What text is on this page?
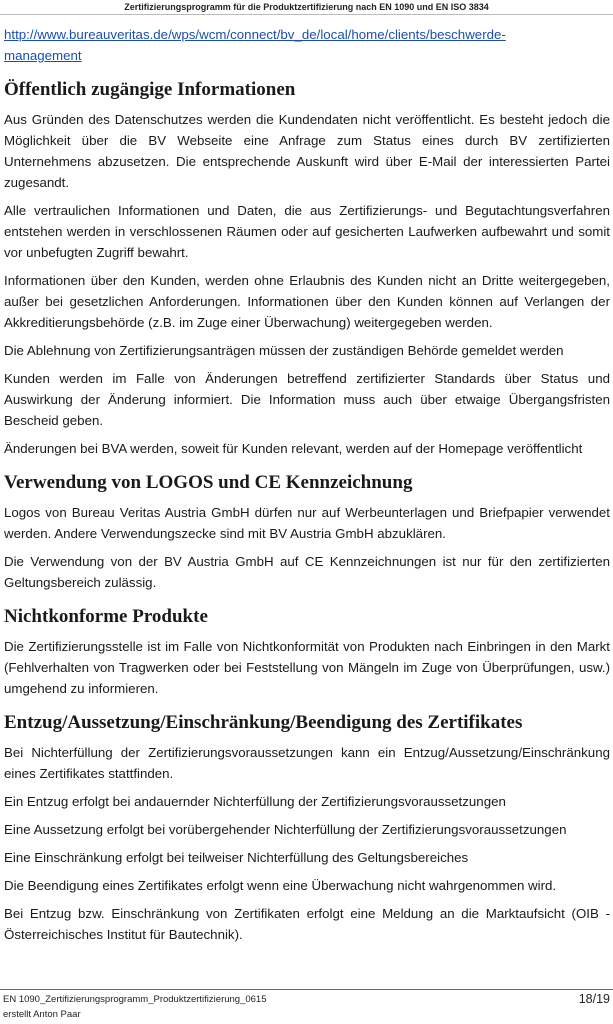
Zertifizierungsprogramm für die Produktzertifizierung nach EN 1090 und EN ISO 3834

http://www.bureauveritas.de/wps/wcm/connect/bv_de/local/home/clients/beschwerde-
management

Öffentlich zugängige Informationen

Aus Gründen des Datenschutzes werden die Kundendaten nicht veröffentlicht. Es besteht jedoch die Möglichkeit über die BV Webseite eine Anfrage zum Status eines durch BV zertifizierten Unternehmens abzusetzen. Die entsprechende Auskunft wird über E-Mail der interessierten Partei zugesandt.

Alle vertraulichen Informationen und Daten, die aus Zertifizierungs- und Begutachtungsverfahren entstehen werden in verschlossenen Räumen oder auf gesicherten Laufwerken aufbewahrt und somit vor unbefugten Zugriff bewahrt.

Informationen über den Kunden, werden ohne Erlaubnis des Kunden nicht an Dritte weitergegeben, außer bei gesetzlichen Anforderungen. Informationen über den Kunden können auf Verlangen der Akkreditierungsbehörde (z.B. im Zuge einer Überwachung) weitergegeben werden.

Die Ablehnung von Zertifizierungsanträgen müssen der zuständigen Behörde gemeldet werden

Kunden werden im Falle von Änderungen betreffend zertifizierter Standards über Status und Auswirkung der Änderung informiert. Die Information muss auch über etwaige Übergangsfristen Bescheid geben.

Änderungen bei BVA werden, soweit für Kunden relevant, werden auf der Homepage veröffentlicht

Verwendung von LOGOS und CE Kennzeichnung

Logos von Bureau Veritas Austria GmbH dürfen nur auf Werbeunterlagen und Briefpapier verwendet werden. Andere Verwendungszecke sind mit BV Austria GmbH abzuklären.

Die Verwendung von der BV Austria GmbH auf CE Kennzeichnungen ist nur für den zertifizierten Geltungsbereich zulässig.

Nichtkonforme Produkte

Die Zertifizierungsstelle ist im Falle von Nichtkonformität von Produkten nach Einbringen in den Markt (Fehlverhalten von Tragwerken oder bei Feststellung von Mängeln im Zuge von Überprüfungen, usw.) umgehend zu informieren.

Entzug/Aussetzung/Einschränkung/Beendigung des Zertifikates

Bei Nichterfüllung der Zertifizierungsvoraussetzungen kann ein Entzug/Aussetzung/Einschränkung eines Zertifikates stattfinden.

Ein Entzug erfolgt bei andauernder Nichterfüllung der Zertifizierungsvoraussetzungen

Eine Aussetzung erfolgt bei vorübergehender Nichterfüllung der Zertifizierungsvoraussetzungen

Eine Einschränkung erfolgt bei teilweiser Nichterfüllung des Geltungsbereiches

Die Beendigung eines Zertifikates erfolgt wenn eine Überwachung nicht wahrgenommen wird.

Bei Entzug bzw. Einschränkung von Zertifikaten erfolgt eine Meldung an die Marktaufsicht (OIB - Österreichisches Institut für Bautechnik).

EN 1090_Zertifizierungsprogramm_Produktzertifizierung_0615
erstellt Anton Paar
18/19
